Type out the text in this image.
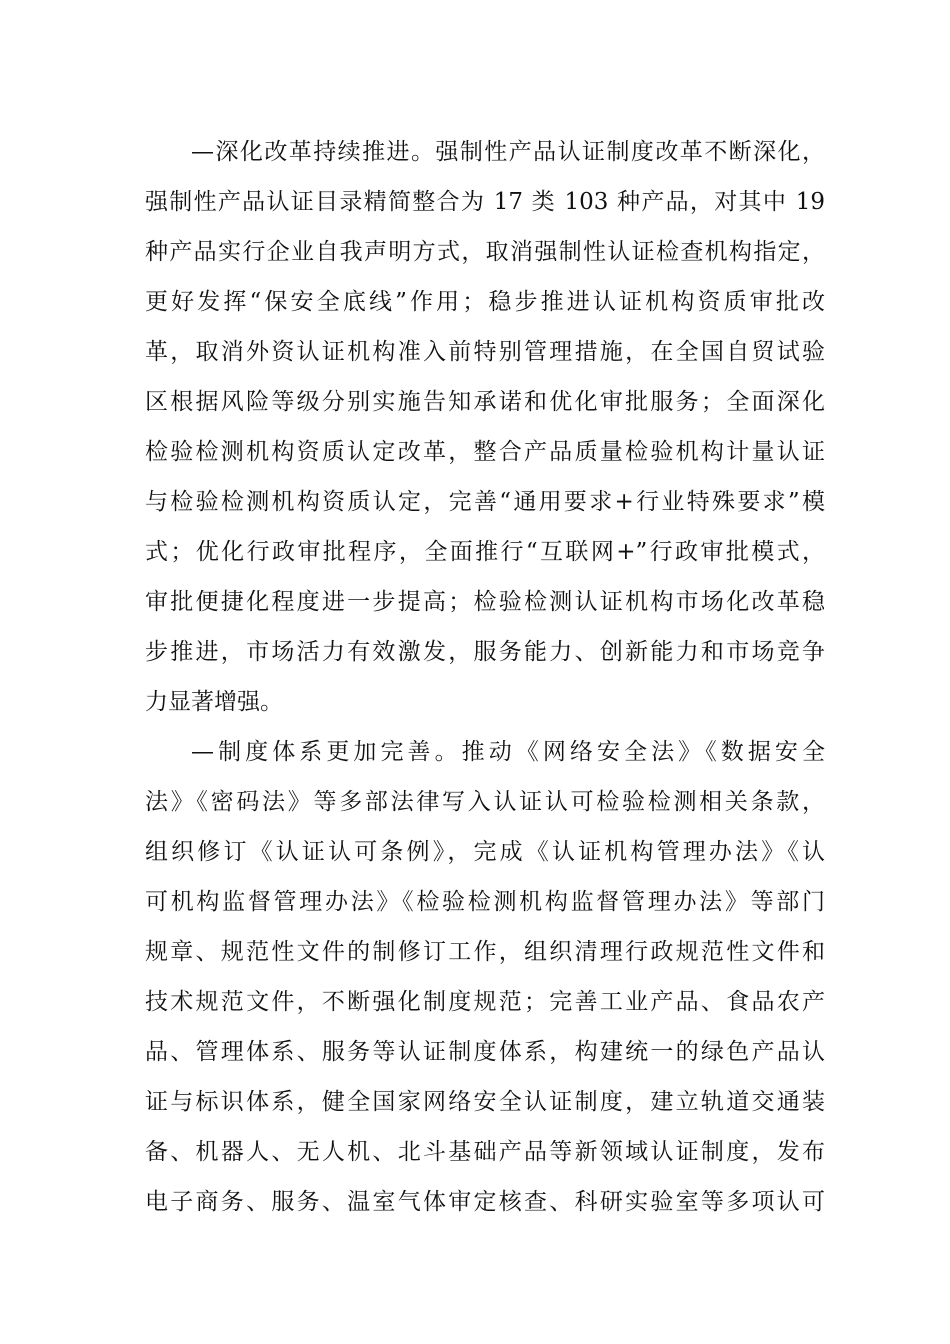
—深化改革持续推进。强制性产品认证制度改革不断深化，
强制性产品认证目录精简整合为 17 类 103 种产品，对其中 19
种产品实行企业自我声明方式，取消强制性认证检查机构指定，
更好发挥“保安全底线”作用；稳步推进认证机构资质审批改
革，取消外资认证机构准入前特别管理措施，在全国自贸试验
区根据风险等级分别实施告知承诺和优化审批服务；全面深化
检验检测机构资质认定改革，整合产品质量检验机构计量认证
与检验检测机构资质认定，完善“通用要求+行业特殊要求”模
式；优化行政审批程序，全面推行“互联网+”行政审批模式，
审批便捷化程度进一步提高；检验检测认证机构市场化改革稳
步推进，市场活力有效激发，服务能力、创新能力和市场竞争
力显著增强。
—制度体系更加完善。推动《网络安全法》《数据安全
法》《密码法》等多部法律写入认证认可检验检测相关条款，
组织修订《认证认可条例》，完成《认证机构管理办法》《认
可机构监督管理办法》《检验检测机构监督管理办法》等部门
规章、规范性文件的制修订工作，组织清理行政规范性文件和
技术规范文件，不断强化制度规范；完善工业产品、食品农产
品、管理体系、服务等认证制度体系，构建统一的绿色产品认
证与标识体系，健全国家网络安全认证制度，建立轨道交通装
备、机器人、无人机、北斗基础产品等新领域认证制度，发布
电子商务、服务、温室气体审定核查、科研实验室等多项认可
